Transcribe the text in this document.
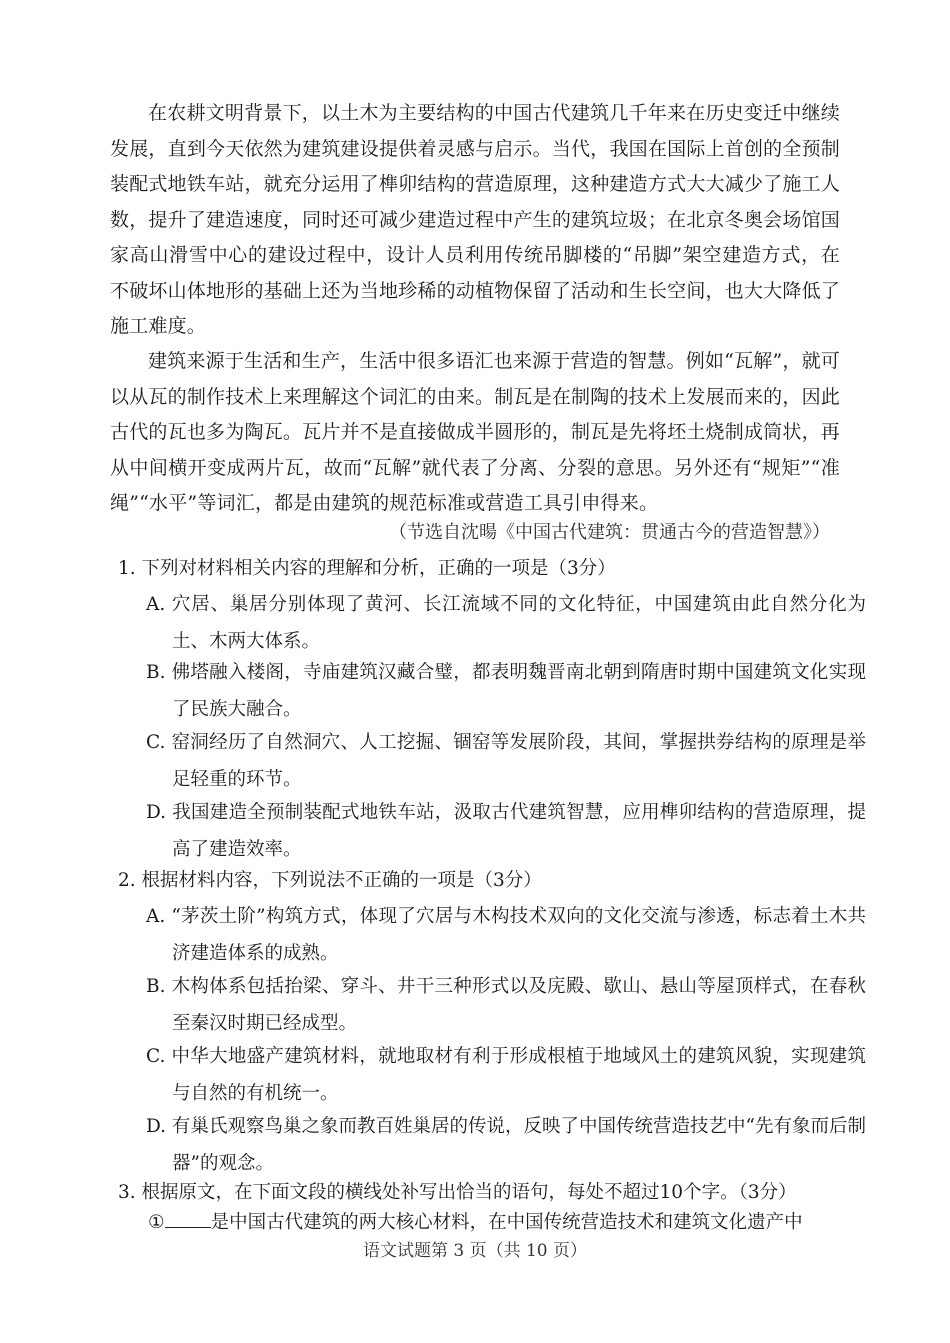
在农耕文明背景下，以土木为主要结构的中国古代建筑几千年来在历史变迁中继续发展，直到今天依然为建筑建设提供着灵感与启示。当代，我国在国际上首创的全预制装配式地铁车站，就充分运用了榫卯结构的营造原理，这种建造方式大大减少了施工人数，提升了建造速度，同时还可减少建造过程中产生的建筑垃圾；在北京冬奥会场馆国家高山滑雪中心的建设过程中，设计人员利用传统吊脚楼的“吊脚”架空建造方式，在不破坏山体地形的基础上还为当地珍稀的动植物保留了活动和生长空间，也大大降低了施工难度。
建筑来源于生活和生产，生活中很多语汇也来源于营造的智慧。例如“瓦解”，就可以从瓦的制作技术上来理解这个词汇的由来。制瓦是在制陶的技术上发展而来的，因此古代的瓦也多为陶瓦。瓦片并不是直接做成半圆形的，制瓦是先将坯土烧制成筒状，再从中间横开变成两片瓦，故而“瓦解”就代表了分离、分裂的意思。另外还有“规矩”“准绳”“水平”等词汇，都是由建筑的规范标准或营造工具引申得来。
（节选自沈暘《中国古代建筑：贯通古今的营造智慧》）
1. 下列对材料相关内容的理解和分析，正确的一项是（3分）
A. 穴居、巢居分别体现了黄河、长江流域不同的文化特征，中国建筑由此自然分化为土、木两大体系。
B. 佛塔融入楼阁，寺庙建筑汉藏合璧，都表明魏晋南北朝到隋唐时期中国建筑文化实现了民族大融合。
C. 窑洞经历了自然洞穴、人工挖掘、锢窑等发展阶段，其间，掌握拱券结构的原理是举足轻重的环节。
D. 我国建造全预制装配式地铁车站，汲取古代建筑智慧，应用榫卯结构的营造原理，提高了建造效率。
2. 根据材料内容，下列说法不正确的一项是（3分）
A. “茅茨土阶”构筑方式，体现了穴居与木构技术双向的文化交流与渗透，标志着土木共济建造体系的成熟。
B. 木构体系包括抬梁、穿斗、井干三种形式以及庑殿、歇山、悬山等屋顶样式，在春秋至秦汉时期已经成型。
C. 中华大地盛产建筑材料，就地取材有利于形成根植于地域风土的建筑风貌，实现建筑与自然的有机统一。
D. 有巢氏观察鸟巢之象而教百姓巢居的传说，反映了中国传统营造技艺中“先有象而后制器”的观念。
3. 根据原文，在下面文段的横线处补写出恰当的语句，每处不超过10个字。（3分）
① 是中国古代建筑的两大核心材料，在中国传统营造技术和建筑文化遗产中
语文试题第 3 页（共 10 页）
